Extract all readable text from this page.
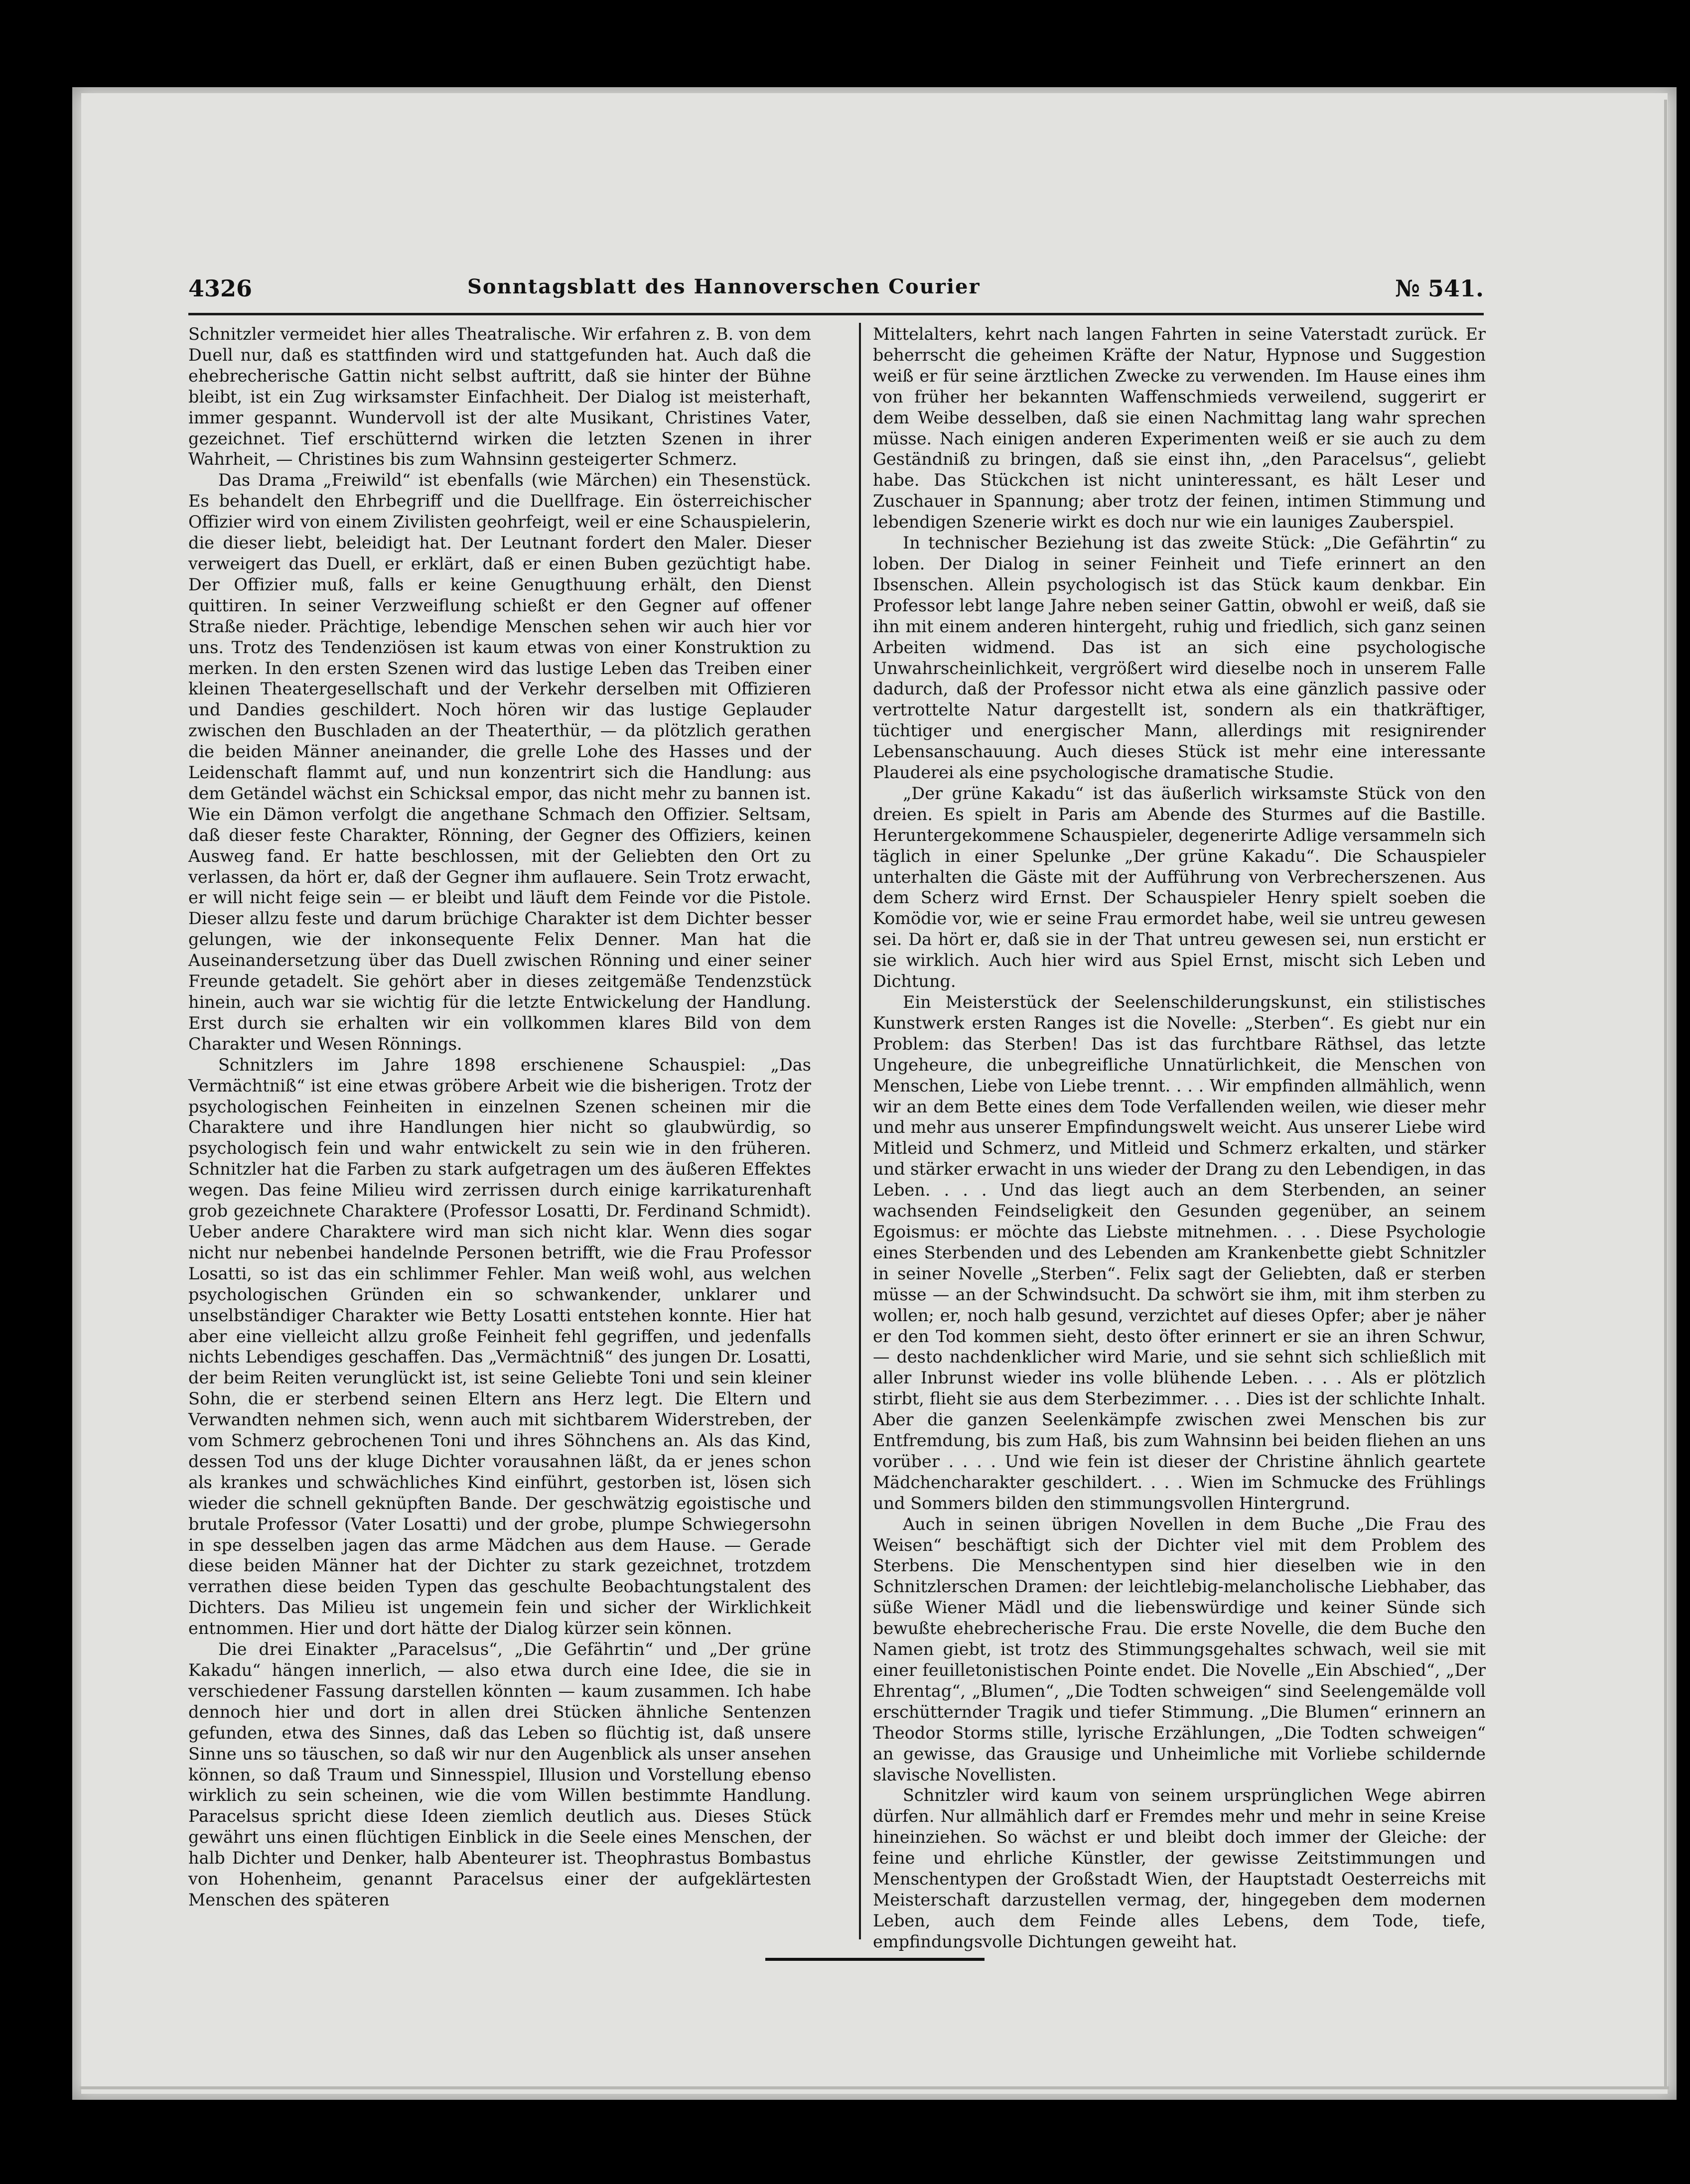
4326	Sonntagsblatt des Hannoverschen Courier	№ 541.

Schnitzler vermeidet hier alles Theatralische. Wir erfahren z. B. von dem Duell nur, daß es stattfinden wird und stattgefunden hat. Auch daß die ehebrecherische Gattin nicht selbst auftritt, daß sie hinter der Bühne bleibt, ist ein Zug wirksamster Einfachheit. Der Dialog ist meisterhaft, immer gespannt. Wundervoll ist der alte Musikant, Christines Vater, gezeichnet. Tief erschütternd wirken die letzten Szenen in ihrer Wahrheit, — Christines bis zum Wahnsinn gesteigerter Schmerz.

Das Drama „Freiwild“ ist ebenfalls (wie Märchen) ein Thesenstück. Es behandelt den Ehrbegriff und die Duellfrage. Ein österreichischer Offizier wird von einem Zivilisten geohrfeigt, weil er eine Schauspielerin, die dieser liebt, beleidigt hat. Der Leutnant fordert den Maler. Dieser verweigert das Duell, er erklärt, daß er einen Buben gezüchtigt habe. Der Offizier muß, falls er keine Genugthuung erhält, den Dienst quittiren. In seiner Verzweiflung schießt er den Gegner auf offener Straße nieder. Prächtige, lebendige Menschen sehen wir auch hier vor uns. Trotz des Tendenziösen ist kaum etwas von einer Konstruktion zu merken. In den ersten Szenen wird das lustige Leben das Treiben einer kleinen Theatergesellschaft und der Verkehr derselben mit Offizieren und Dandies geschildert. Noch hören wir das lustige Geplauder zwischen den Buschladen an der Theaterthür, — da plötzlich gerathen die beiden Männer aneinander, die grelle Lohe des Hasses und der Leidenschaft flammt auf, und nun konzentrirt sich die Handlung: aus dem Getändel wächst ein Schicksal empor, das nicht mehr zu bannen ist. Wie ein Dämon verfolgt die angethane Schmach den Offizier. Seltsam, daß dieser feste Charakter, Rönning, der Gegner des Offiziers, keinen Ausweg fand. Er hatte beschlossen, mit der Geliebten den Ort zu verlassen, da hört er, daß der Gegner ihm auflauere. Sein Trotz erwacht, er will nicht feige sein — er bleibt und läuft dem Feinde vor die Pistole. Dieser allzu feste und darum brüchige Charakter ist dem Dichter besser gelungen, wie der inkonsequente Felix Denner. Man hat die Auseinandersetzung über das Duell zwischen Rönning und einer seiner Freunde getadelt. Sie gehört aber in dieses zeitgemäße Tendenzstück hinein, auch war sie wichtig für die letzte Entwickelung der Handlung. Erst durch sie erhalten wir ein vollkommen klares Bild von dem Charakter und Wesen Rönnings.

Schnitzlers im Jahre 1898 erschienene Schauspiel: „Das Vermächtniß“ ist eine etwas gröbere Arbeit wie die bisherigen. Trotz der psychologischen Feinheiten in einzelnen Szenen scheinen mir die Charaktere und ihre Handlungen hier nicht so glaubwürdig, so psychologisch fein und wahr entwickelt zu sein wie in den früheren. Schnitzler hat die Farben zu stark aufgetragen um des äußeren Effektes wegen. Das feine Milieu wird zerrissen durch einige karrikaturenhaft grob gezeichnete Charaktere (Professor Losatti, Dr. Ferdinand Schmidt). Ueber andere Charaktere wird man sich nicht klar. Wenn dies sogar nicht nur nebenbei handelnde Personen betrifft, wie die Frau Professor Losatti, so ist das ein schlimmer Fehler. Man weiß wohl, aus welchen psychologischen Gründen ein so schwankender, unklarer und unselbständiger Charakter wie Betty Losatti entstehen konnte. Hier hat aber eine vielleicht allzu große Feinheit fehl gegriffen, und jedenfalls nichts Lebendiges geschaffen. Das „Vermächtniß“ des jungen Dr. Losatti, der beim Reiten verunglückt ist, ist seine Geliebte Toni und sein kleiner Sohn, die er sterbend seinen Eltern ans Herz legt. Die Eltern und Verwandten nehmen sich, wenn auch mit sichtbarem Widerstreben, der vom Schmerz gebrochenen Toni und ihres Söhnchens an. Als das Kind, dessen Tod uns der kluge Dichter vorausahnen läßt, da er jenes schon als krankes und schwächliches Kind einführt, gestorben ist, lösen sich wieder die schnell geknüpften Bande. Der geschwätzig egoistische und brutale Professor (Vater Losatti) und der grobe, plumpe Schwiegersohn in spe desselben jagen das arme Mädchen aus dem Hause. — Gerade diese beiden Männer hat der Dichter zu stark gezeichnet, trotzdem verrathen diese beiden Typen das geschulte Beobachtungstalent des Dichters. Das Milieu ist ungemein fein und sicher der Wirklichkeit entnommen. Hier und dort hätte der Dialog kürzer sein können.

Die drei Einakter „Paracelsus“, „Die Gefährtin“ und „Der grüne Kakadu“ hängen innerlich, — also etwa durch eine Idee, die sie in verschiedener Fassung darstellen könnten — kaum zusammen. Ich habe dennoch hier und dort in allen drei Stücken ähnliche Sentenzen gefunden, etwa des Sinnes, daß das Leben so flüchtig ist, daß unsere Sinne uns so täuschen, so daß wir nur den Augenblick als unser ansehen können, so daß Traum und Sinnesspiel, Illusion und Vorstellung ebenso wirklich zu sein scheinen, wie die vom Willen bestimmte Handlung. Paracelsus spricht diese Ideen ziemlich deutlich aus. Dieses Stück gewährt uns einen flüchtigen Einblick in die Seele eines Menschen, der halb Dichter und Denker, halb Abenteurer ist. Theophrastus Bombastus von Hohenheim, genannt Paracelsus einer der aufgeklärtesten Menschen des späteren

Mittelalters, kehrt nach langen Fahrten in seine Vaterstadt zurück. Er beherrscht die geheimen Kräfte der Natur, Hypnose und Suggestion weiß er für seine ärztlichen Zwecke zu verwenden. Im Hause eines ihm von früher her bekannten Waffenschmieds verweilend, suggerirt er dem Weibe desselben, daß sie einen Nachmittag lang wahr sprechen müsse. Nach einigen anderen Experimenten weiß er sie auch zu dem Geständniß zu bringen, daß sie einst ihn, „den Paracelsus“, geliebt habe. Das Stückchen ist nicht uninteressant, es hält Leser und Zuschauer in Spannung; aber trotz der feinen, intimen Stimmung und lebendigen Szenerie wirkt es doch nur wie ein launiges Zauberspiel.

In technischer Beziehung ist das zweite Stück: „Die Gefährtin“ zu loben. Der Dialog in seiner Feinheit und Tiefe erinnert an den Ibsenschen. Allein psychologisch ist das Stück kaum denkbar. Ein Professor lebt lange Jahre neben seiner Gattin, obwohl er weiß, daß sie ihn mit einem anderen hintergeht, ruhig und friedlich, sich ganz seinen Arbeiten widmend. Das ist an sich eine psychologische Unwahrscheinlichkeit, vergrößert wird dieselbe noch in unserem Falle dadurch, daß der Professor nicht etwa als eine gänzlich passive oder vertrottelte Natur dargestellt ist, sondern als ein thatkräftiger, tüchtiger und energischer Mann, allerdings mit resignirender Lebensanschauung. Auch dieses Stück ist mehr eine interessante Plauderei als eine psychologische dramatische Studie.

„Der grüne Kakadu“ ist das äußerlich wirksamste Stück von den dreien. Es spielt in Paris am Abende des Sturmes auf die Bastille. Heruntergekommene Schauspieler, degenerirte Adlige versammeln sich täglich in einer Spelunke „Der grüne Kakadu“. Die Schauspieler unterhalten die Gäste mit der Aufführung von Verbrecherszenen. Aus dem Scherz wird Ernst. Der Schauspieler Henry spielt soeben die Komödie vor, wie er seine Frau ermordet habe, weil sie untreu gewesen sei. Da hört er, daß sie in der That untreu gewesen sei, nun ersticht er sie wirklich. Auch hier wird aus Spiel Ernst, mischt sich Leben und Dichtung.

Ein Meisterstück der Seelenschilderungskunst, ein stilistisches Kunstwerk ersten Ranges ist die Novelle: „Sterben“. Es giebt nur ein Problem: das Sterben! Das ist das furchtbare Räthsel, das letzte Ungeheure, die unbegreifliche Unnatürlichkeit, die Menschen von Menschen, Liebe von Liebe trennt. . . . Wir empfinden allmählich, wenn wir an dem Bette eines dem Tode Verfallenden weilen, wie dieser mehr und mehr aus unserer Empfindungswelt weicht. Aus unserer Liebe wird Mitleid und Schmerz, und Mitleid und Schmerz erkalten, und stärker und stärker erwacht in uns wieder der Drang zu den Lebendigen, in das Leben. . . . Und das liegt auch an dem Sterbenden, an seiner wachsenden Feindseligkeit den Gesunden gegenüber, an seinem Egoismus: er möchte das Liebste mitnehmen. . . . Diese Psychologie eines Sterbenden und des Lebenden am Krankenbette giebt Schnitzler in seiner Novelle „Sterben“. Felix sagt der Geliebten, daß er sterben müsse — an der Schwindsucht. Da schwört sie ihm, mit ihm sterben zu wollen; er, noch halb gesund, verzichtet auf dieses Opfer; aber je näher er den Tod kommen sieht, desto öfter erinnert er sie an ihren Schwur, — desto nachdenklicher wird Marie, und sie sehnt sich schließlich mit aller Inbrunst wieder ins volle blühende Leben. . . . Als er plötzlich stirbt, flieht sie aus dem Sterbezimmer. . . . Dies ist der schlichte Inhalt. Aber die ganzen Seelenkämpfe zwischen zwei Menschen bis zur Entfremdung, bis zum Haß, bis zum Wahnsinn bei beiden fliehen an uns vorüber . . . . Und wie fein ist dieser der Christine ähnlich geartete Mädchencharakter geschildert. . . . Wien im Schmucke des Frühlings und Sommers bilden den stimmungsvollen Hintergrund.

Auch in seinen übrigen Novellen in dem Buche „Die Frau des Weisen“ beschäftigt sich der Dichter viel mit dem Problem des Sterbens. Die Menschentypen sind hier dieselben wie in den Schnitzlerschen Dramen: der leichtlebig-melancholische Liebhaber, das süße Wiener Mädl und die liebenswürdige und keiner Sünde sich bewußte ehebrecherische Frau. Die erste Novelle, die dem Buche den Namen giebt, ist trotz des Stimmungsgehaltes schwach, weil sie mit einer feuilletonistischen Pointe endet. Die Novelle „Ein Abschied“, „Der Ehrentag“, „Blumen“, „Die Todten schweigen“ sind Seelengemälde voll erschütternder Tragik und tiefer Stimmung. „Die Blumen“ erinnern an Theodor Storms stille, lyrische Erzählungen, „Die Todten schweigen“ an gewisse, das Grausige und Unheimliche mit Vorliebe schildernde slavische Novellisten.

Schnitzler wird kaum von seinem ursprünglichen Wege abirren dürfen. Nur allmählich darf er Fremdes mehr und mehr in seine Kreise hineinziehen. So wächst er und bleibt doch immer der Gleiche: der feine und ehrliche Künstler, der gewisse Zeitstimmungen und Menschentypen der Großstadt Wien, der Hauptstadt Oesterreichs mit Meisterschaft darzustellen vermag, der, hingegeben dem modernen Leben, auch dem Feinde alles Lebens, dem Tode, tiefe, empfindungsvolle Dichtungen geweiht hat.
